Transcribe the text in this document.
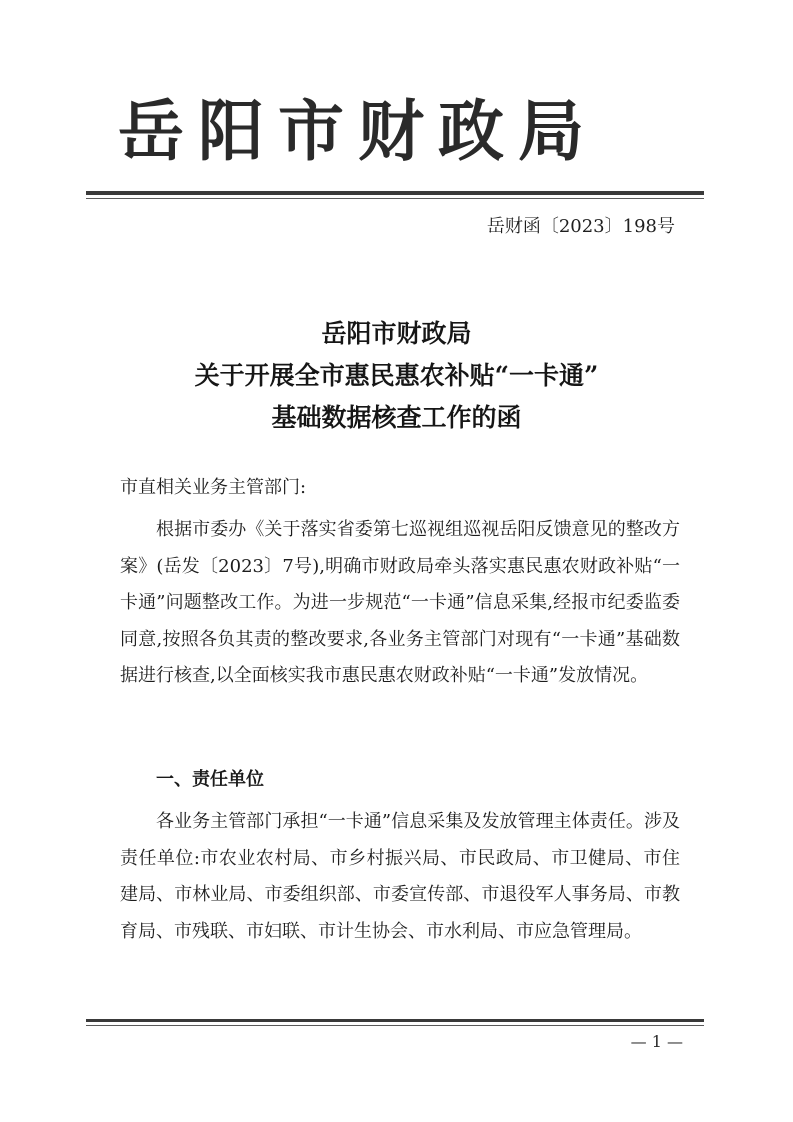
岳阳市财政局
岳财函〔2023〕198号
岳阳市财政局
关于开展全市惠民惠农补贴“一卡通”
基础数据核查工作的函
市直相关业务主管部门:
根据市委办《关于落实省委第七巡视组巡视岳阳反馈意见的整改方案》(岳发〔2023〕7号),明确市财政局牵头落实惠民惠农财政补贴“一卡通”问题整改工作。为进一步规范“一卡通”信息采集,经报市纪委监委同意,按照各负其责的整改要求,各业务主管部门对现有“一卡通”基础数据进行核查,以全面核实我市惠民惠农财政补贴“一卡通”发放情况。
一、责任单位
各业务主管部门承担“一卡通”信息采集及发放管理主体责任。涉及责任单位:市农业农村局、市乡村振兴局、市民政局、市卫健局、市住建局、市林业局、市委组织部、市委宣传部、市退役军人事务局、市教育局、市残联、市妇联、市计生协会、市水利局、市应急管理局。
— 1 —
